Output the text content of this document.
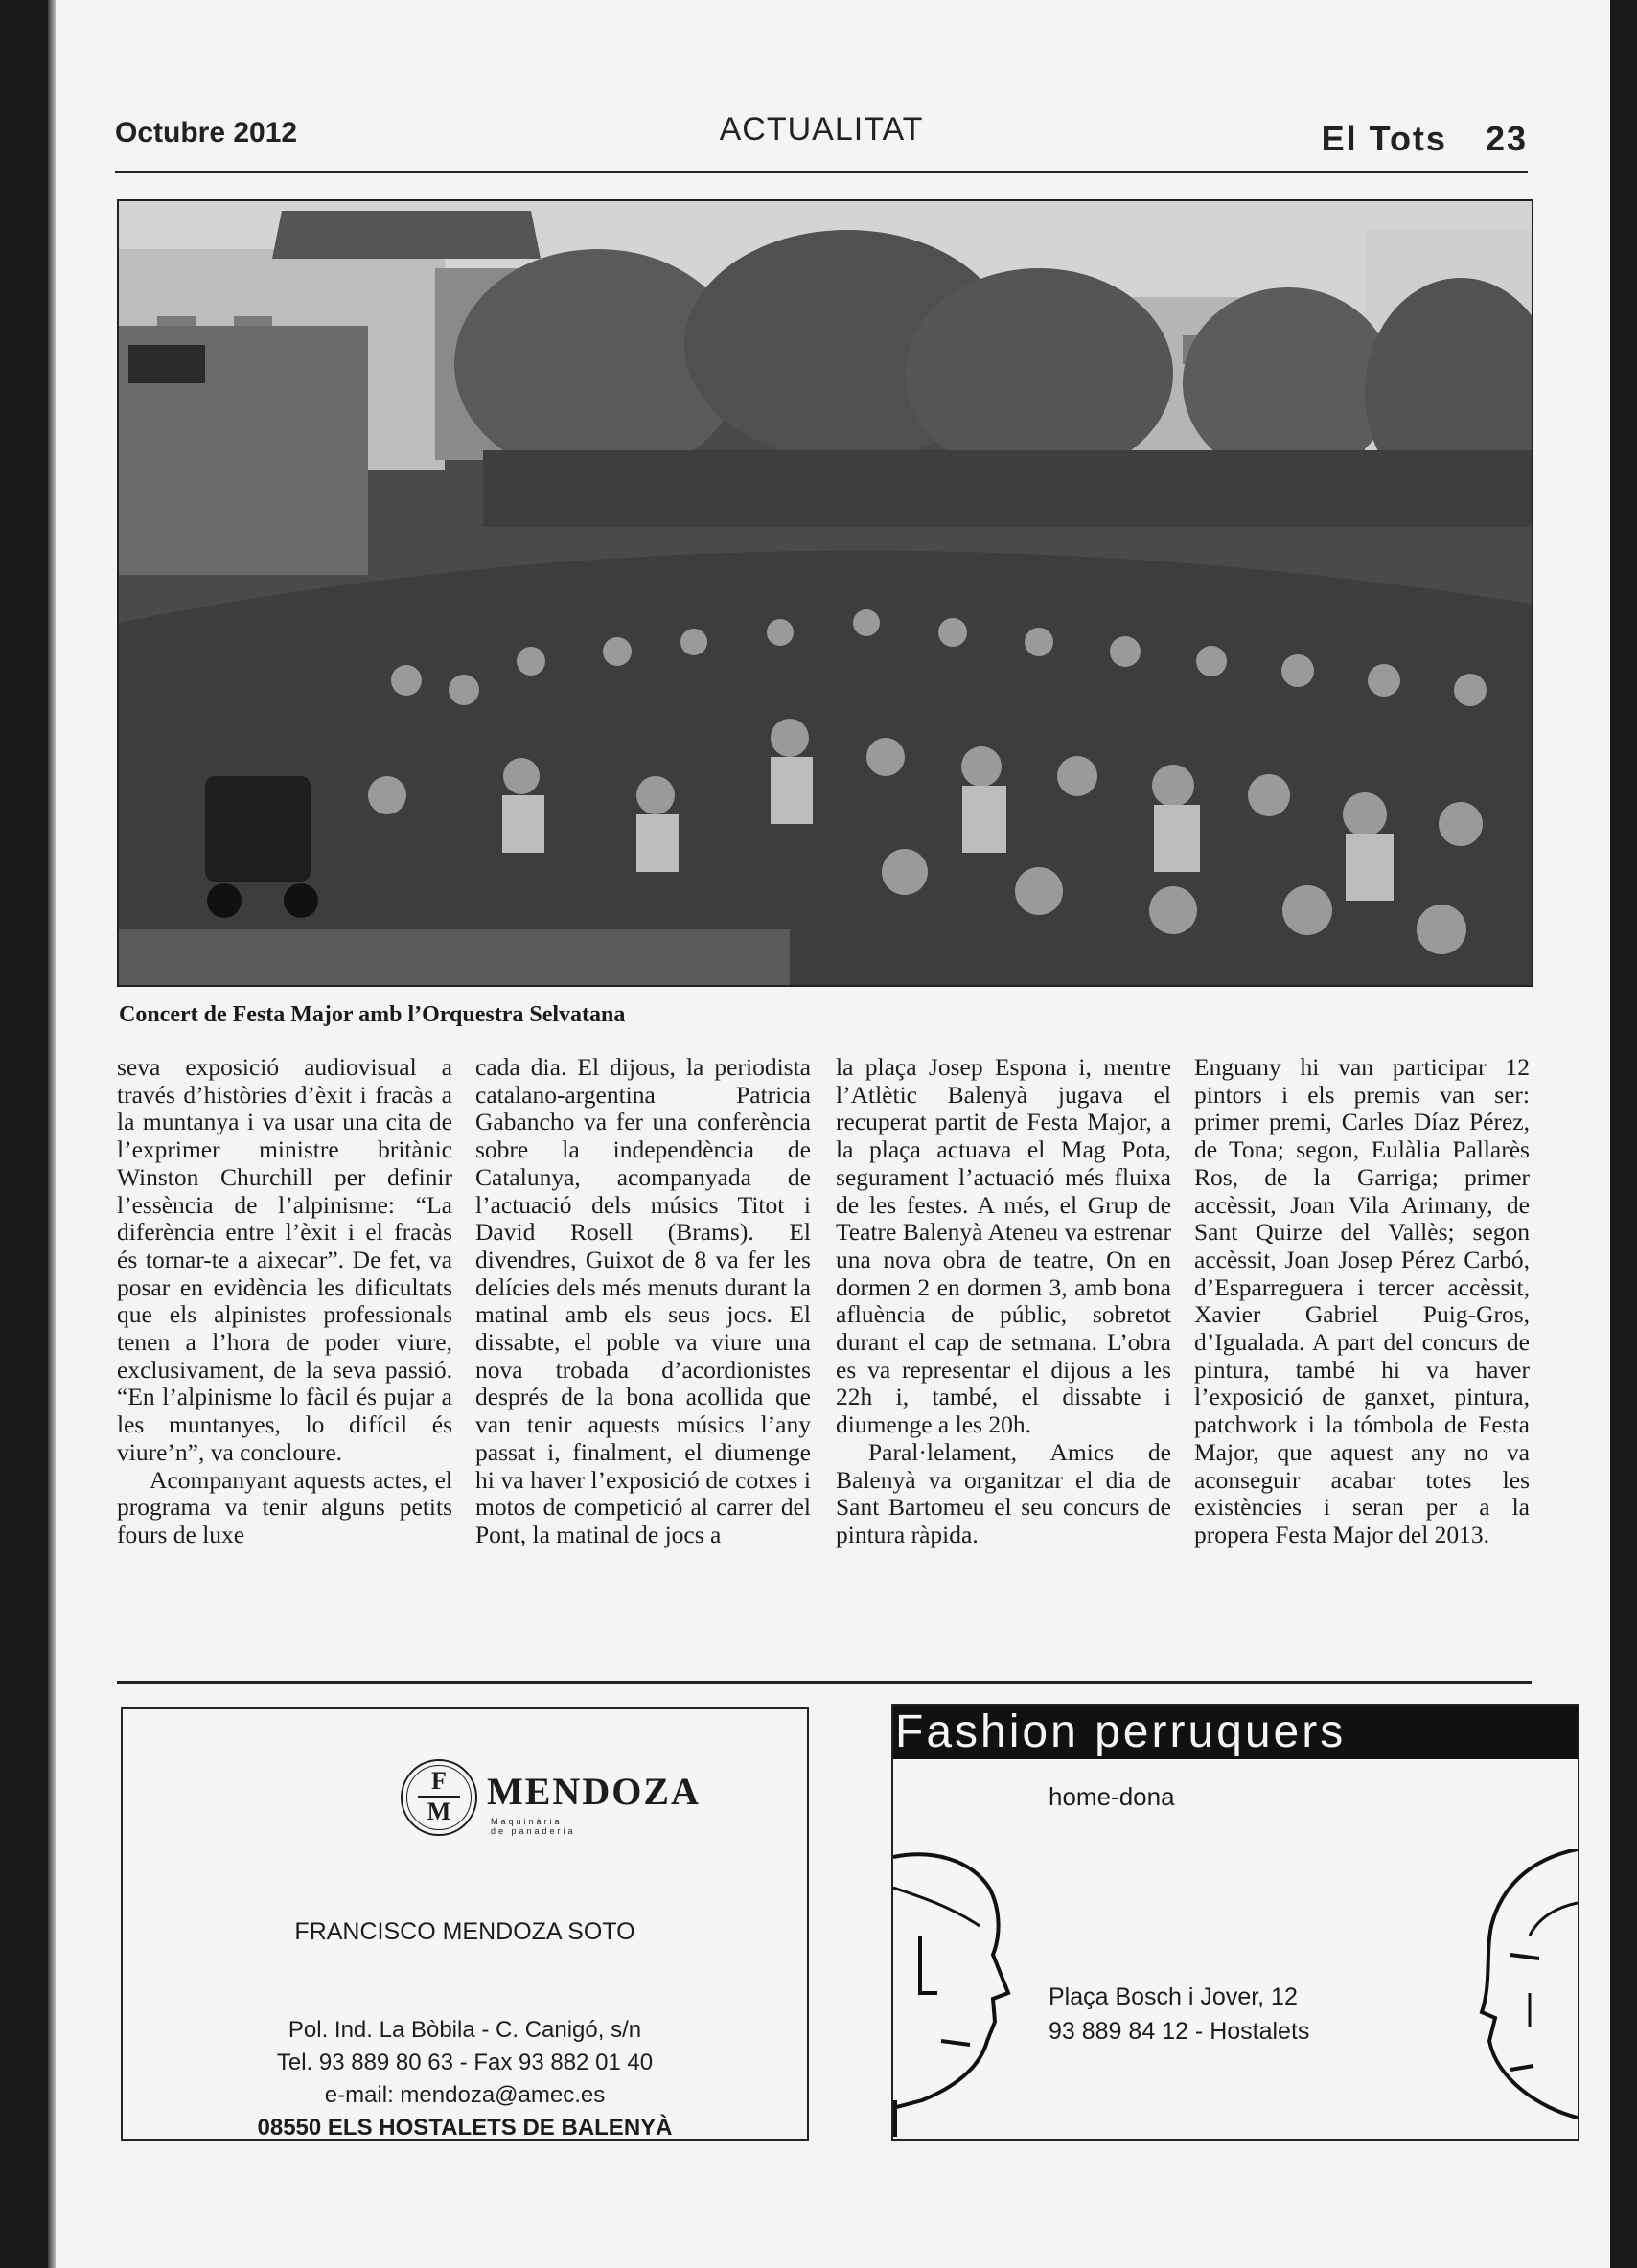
Octubre 2012	ACTUALITAT	El Tots 23
Concert de Festa Major amb l’Orquestra Selvatana

seva exposició audiovisual a través d’històries d’èxit i fracàs a la muntanya i va usar una cita de l’exprimer ministre britànic Winston Churchill per definir l’essència de l’alpinisme: “La diferència entre l’èxit i el fracàs és tornar-te a aixecar”. De fet, va posar en evidència les dificultats que els alpinistes professionals tenen a l’hora de poder viure, exclusivament, de la seva passió. “En l’alpinisme lo fàcil és pujar a les muntanyes, lo difícil és viure’n”, va concloure.

Acompanyant aquests actes, el programa va tenir alguns petits fours de luxe

cada dia. El dijous, la periodista catalano-argentina Patricia Gabancho va fer una conferència sobre la independència de Catalunya, acompanyada de l’actuació dels músics Titot i David Rosell (Brams). El divendres, Guixot de 8 va fer les delícies dels més menuts durant la matinal amb els seus jocs. El dissabte, el poble va viure una nova trobada d’acordionistes després de la bona acollida que van tenir aquests músics l’any passat i, finalment, el diumenge hi va haver l’exposició de cotxes i motos de competició al carrer del Pont, la matinal de jocs a

la plaça Josep Espona i, mentre l’Atlètic Balenyà jugava el recuperat partit de Festa Major, a la plaça actuava el Mag Pota, segurament l’actuació més fluixa de les festes. A més, el Grup de Teatre Balenyà Ateneu va estrenar una nova obra de teatre, On en dormen 2 en dormen 3, amb bona afluència de públic, sobretot durant el cap de setmana. L’obra es va representar el dijous a les 22h i, també, el dissabte i diumenge a les 20h.

Paral·lelament, Amics de Balenyà va organitzar el dia de Sant Bartomeu el seu concurs de pintura ràpida.

Enguany hi van participar 12 pintors i els premis van ser: primer premi, Carles Díaz Pérez, de Tona; segon, Eulàlia Pallarès Ros, de la Garriga; primer accèssit, Joan Vila Arimany, de Sant Quirze del Vallès; segon accèssit, Joan Josep Pérez Carbó, d’Esparreguera i tercer accèssit, Xavier Gabriel Puig-Gros, d’Igualada. A part del concurs de pintura, també hi va haver l’exposició de ganxet, pintura, patchwork i la tómbola de Festa Major, que aquest any no va aconseguir acabar totes les existències i seran per a la propera Festa Major del 2013.

F
M MENDOZA
Maquinària
de panaderia
FRANCISCO MENDOZA SOTO
Pol. Ind. La Bòbila - C. Canigó, s/n
Tel. 93 889 80 63 - Fax 93 882 01 40
e-mail: mendoza@amec.es
08550 ELS HOSTALETS DE BALENYÀ
Fashion perruquers
home-dona
Plaça Bosch i Jover, 12
93 889 84 12 - Hostalets
